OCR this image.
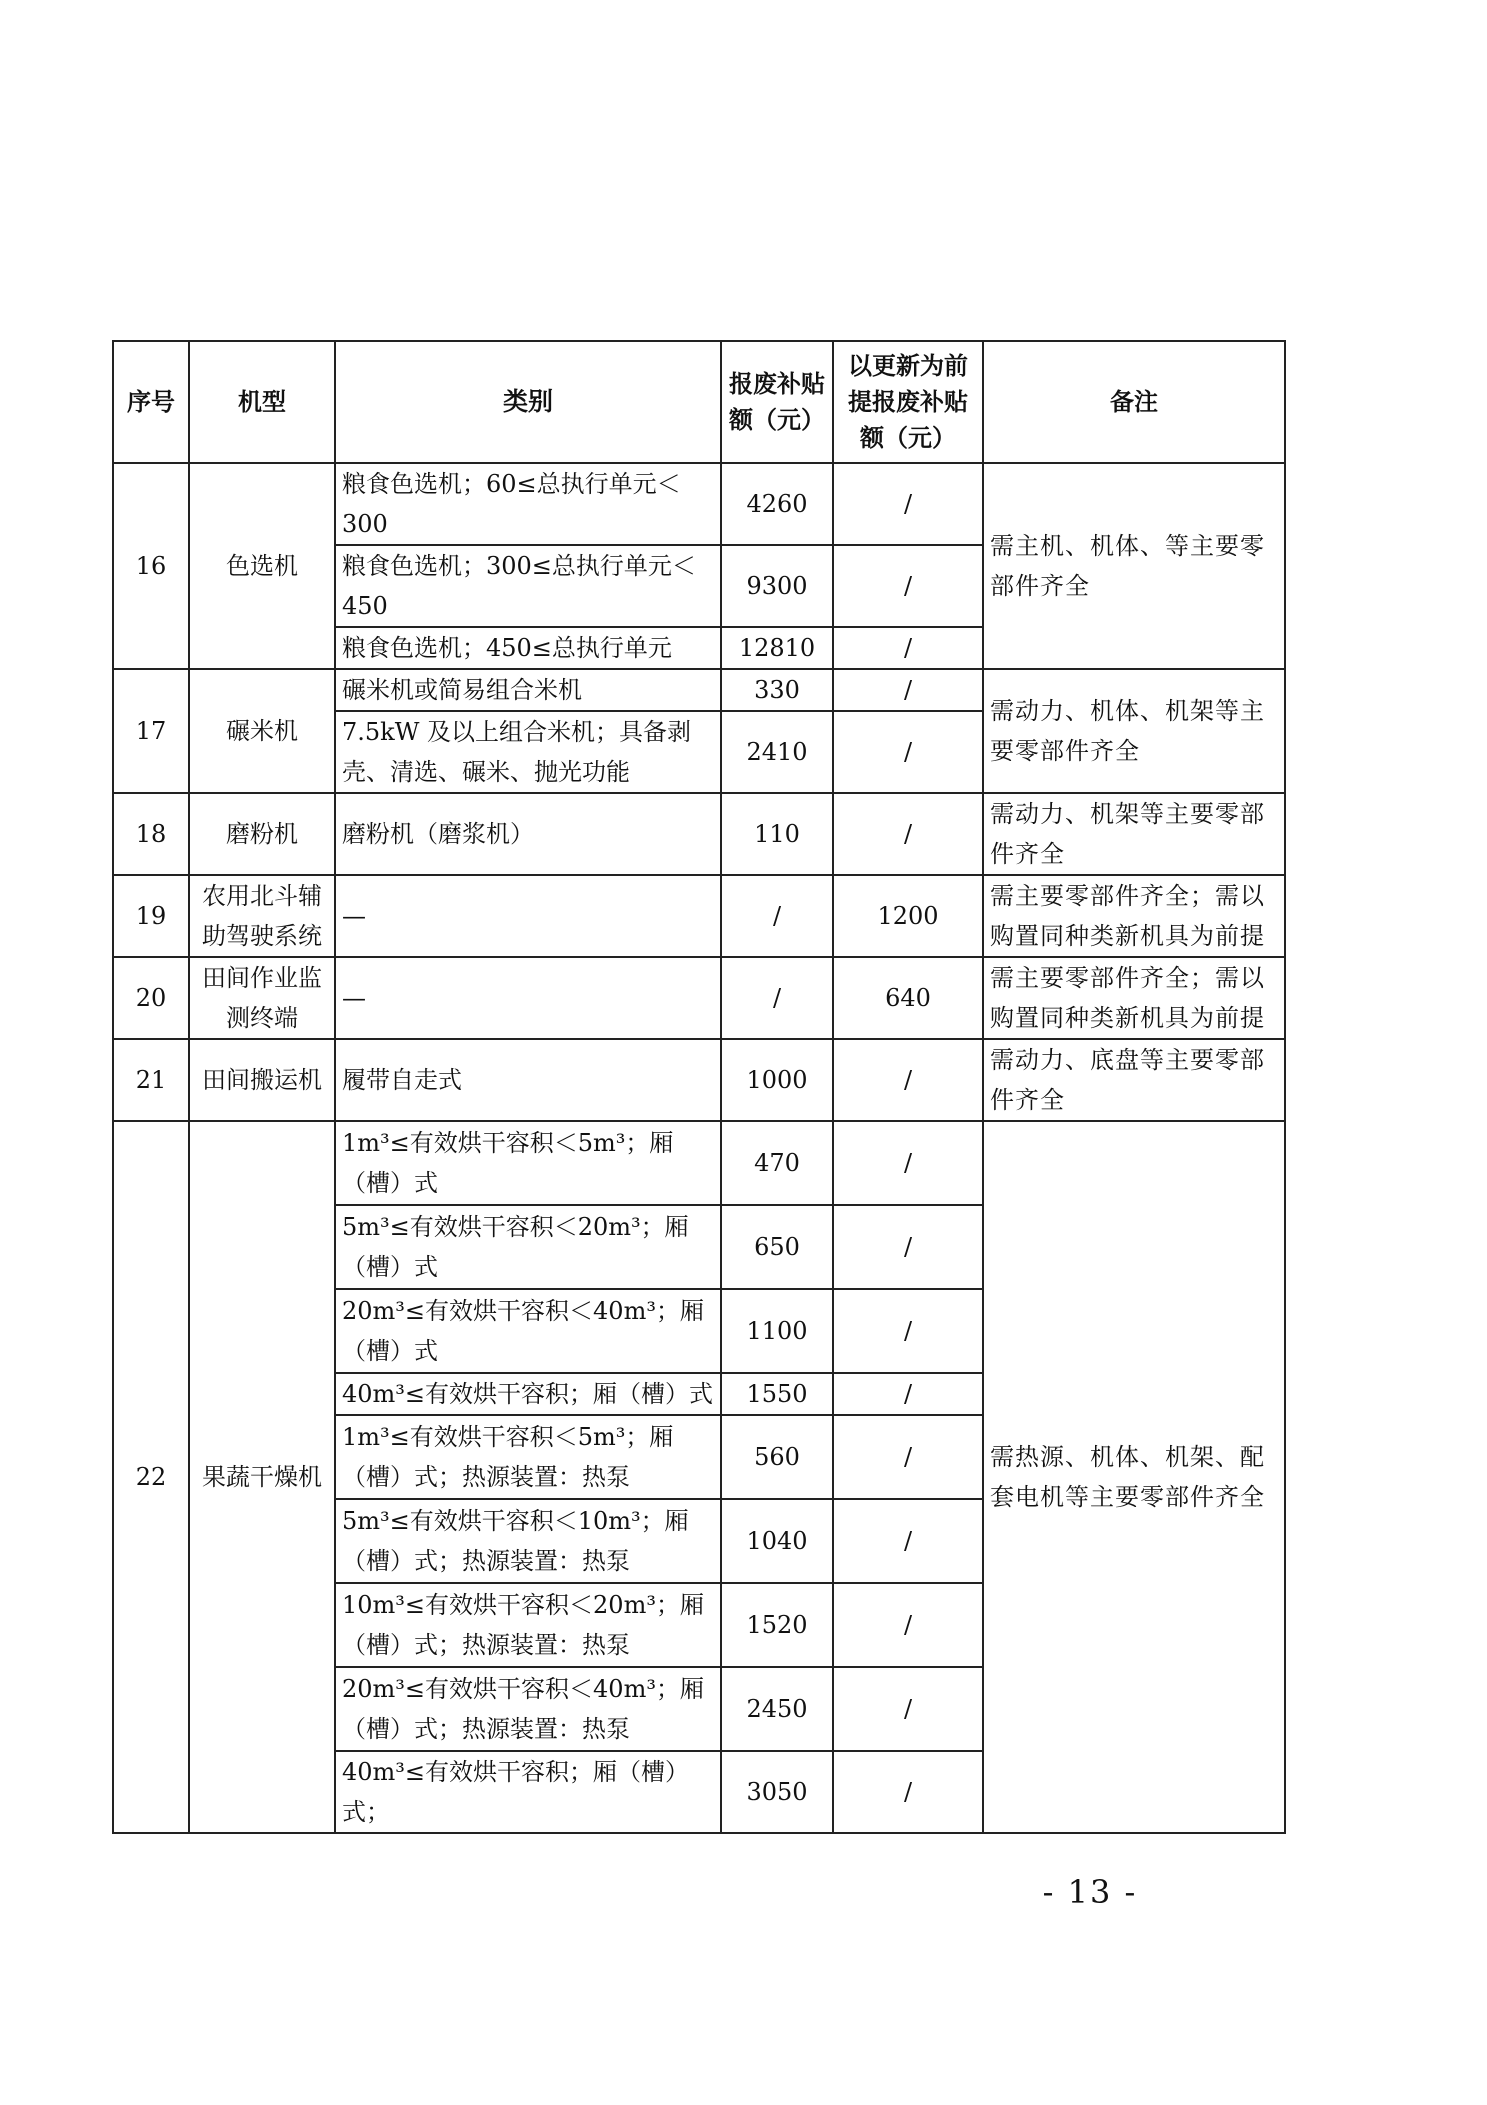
序号	机型	类别	报废补贴额（元）	以更新为前提报废补贴额（元）	备注
16	色选机	粮食色选机；60≤总执行单元＜300	4260	/	需主机、机体、等主要零部件齐全
		粮食色选机；300≤总执行单元＜450	9300	/	
		粮食色选机；450≤总执行单元	12810	/	
17	碾米机	碾米机或简易组合米机	330	/	需动力、机体、机架等主要零部件齐全
		7.5kW 及以上组合米机；具备剥壳、清选、碾米、抛光功能	2410	/	
18	磨粉机	磨粉机（磨浆机）	110	/	需动力、机架等主要零部件齐全
19	农用北斗辅助驾驶系统	—	/	1200	需主要零部件齐全；需以购置同种类新机具为前提
20	田间作业监测终端	—	/	640	需主要零部件齐全；需以购置同种类新机具为前提
21	田间搬运机	履带自走式	1000	/	需动力、底盘等主要零部件齐全
22	果蔬干燥机	1m³≤有效烘干容积＜5m³；厢（槽）式	470	/	需热源、机体、机架、配套电机等主要零部件齐全
		5m³≤有效烘干容积＜20m³；厢（槽）式	650	/	
		20m³≤有效烘干容积＜40m³；厢（槽）式	1100	/	
		40m³≤有效烘干容积；厢（槽）式	1550	/	
		1m³≤有效烘干容积＜5m³；厢（槽）式；热源装置：热泵	560	/	
		5m³≤有效烘干容积＜10m³；厢（槽）式；热源装置：热泵	1040	/	
		10m³≤有效烘干容积＜20m³；厢（槽）式；热源装置：热泵	1520	/	
		20m³≤有效烘干容积＜40m³；厢（槽）式；热源装置：热泵	2450	/	
		40m³≤有效烘干容积；厢（槽）式；	3050	/	
- 13 -
